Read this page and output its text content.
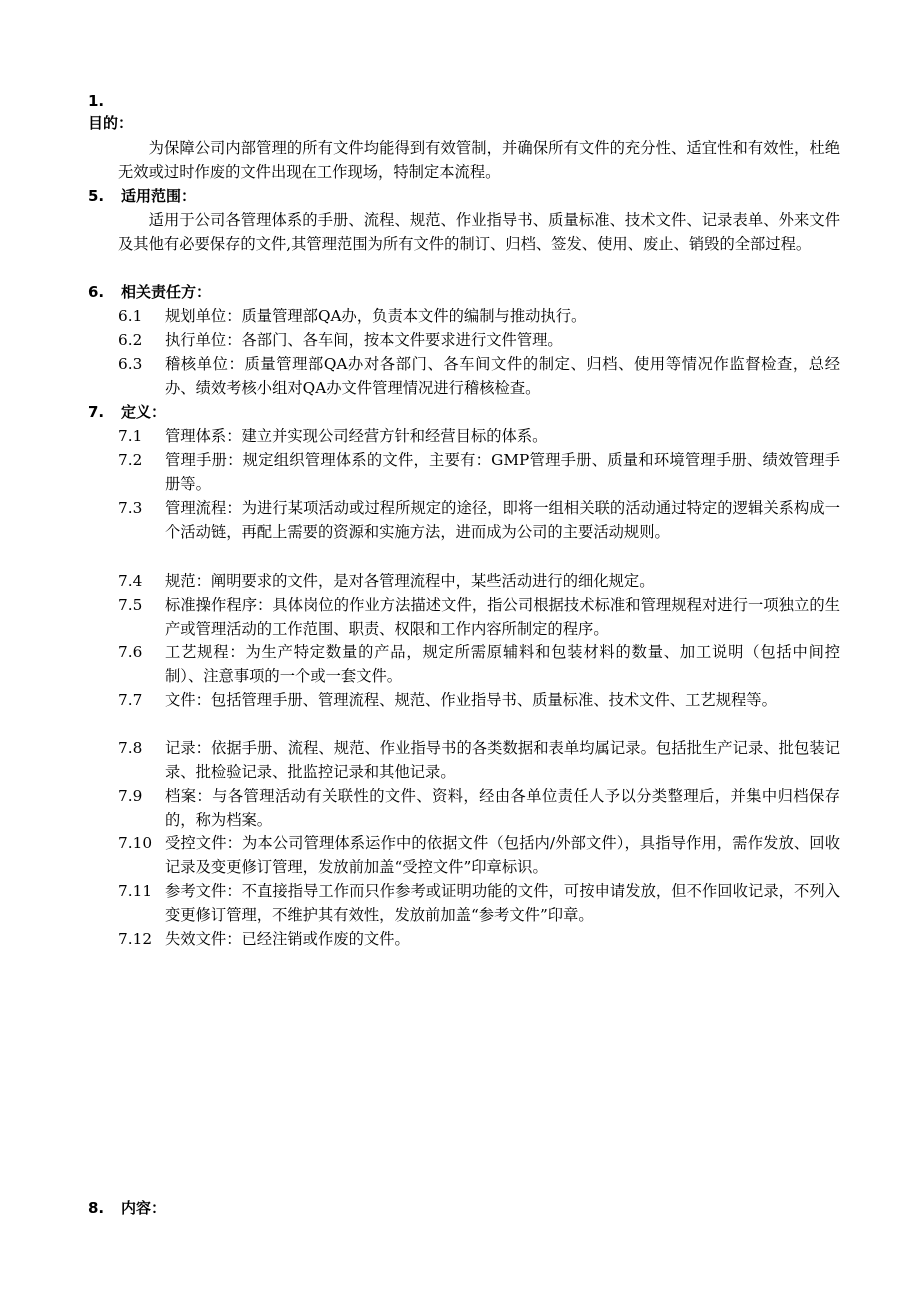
1.
目的：
为保障公司内部管理的所有文件均能得到有效管制，并确保所有文件的充分性、适宜性和有效性，杜绝无效或过时作废的文件出现在工作现场，特制定本流程。
5. 适用范围：
适用于公司各管理体系的手册、流程、规范、作业指导书、质量标准、技术文件、记录表单、外来文件及其他有必要保存的文件,其管理范围为所有文件的制订、归档、签发、使用、废止、销毁的全部过程。
6. 相关责任方：
6.1 规划单位：质量管理部QA办，负责本文件的编制与推动执行。
6.2 执行单位：各部门、各车间，按本文件要求进行文件管理。
6.3 稽核单位：质量管理部QA办对各部门、各车间文件的制定、归档、使用等情况作监督检查，总经办、绩效考核小组对QA办文件管理情况进行稽核检查。
7. 定义：
7.1 管理体系：建立并实现公司经营方针和经营目标的体系。
7.2 管理手册：规定组织管理体系的文件，主要有：GMP管理手册、质量和环境管理手册、绩效管理手册等。
7.3 管理流程：为进行某项活动或过程所规定的途径，即将一组相关联的活动通过特定的逻辑关系构成一个活动链，再配上需要的资源和实施方法，进而成为公司的主要活动规则。
7.4 规范：阐明要求的文件，是对各管理流程中，某些活动进行的细化规定。
7.5 标准操作程序：具体岗位的作业方法描述文件，指公司根据技术标准和管理规程对进行一项独立的生产或管理活动的工作范围、职责、权限和工作内容所制定的程序。
7.6 工艺规程：为生产特定数量的产品，规定所需原辅料和包装材料的数量、加工说明（包括中间控制）、注意事项的一个或一套文件。
7.7 文件：包括管理手册、管理流程、规范、作业指导书、质量标准、技术文件、工艺规程等。
7.8 记录：依据手册、流程、规范、作业指导书的各类数据和表单均属记录。包括批生产记录、批包装记录、批检验记录、批监控记录和其他记录。
7.9 档案：与各管理活动有关联性的文件、资料，经由各单位责任人予以分类整理后，并集中归档保存的，称为档案。
7.10 受控文件：为本公司管理体系运作中的依据文件（包括内/外部文件），具指导作用，需作发放、回收记录及变更修订管理，发放前加盖“受控文件”印章标识。
7.11 参考文件：不直接指导工作而只作参考或证明功能的文件，可按申请发放，但不作回收记录，不列入变更修订管理，不维护其有效性，发放前加盖“参考文件”印章。
7.12 失效文件：已经注销或作废的文件。
8. 内容：
